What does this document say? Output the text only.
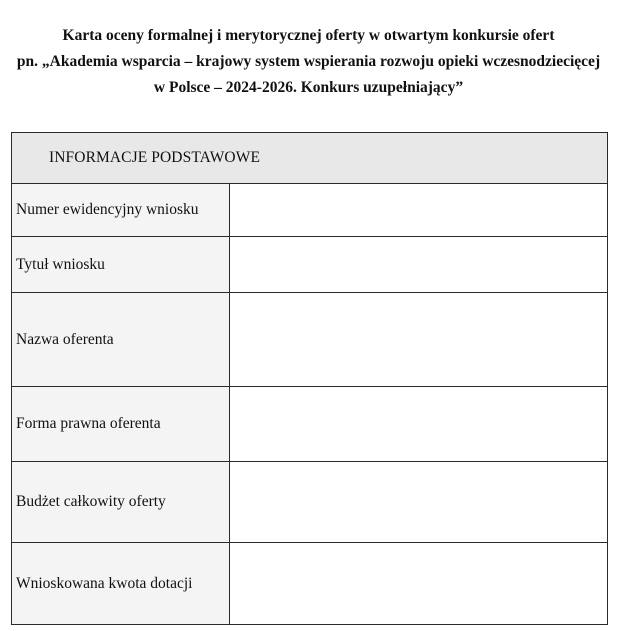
Karta oceny formalnej i merytorycznej oferty w otwartym konkursie ofert
pn. „Akademia wsparcia – krajowy system wspierania rozwoju opieki wczesnodziecięcej
w Polsce – 2024-2026. Konkurs uzupełniający”
INFORMACJE PODSTAWOWE	
Numer ewidencyjny wniosku	
Tytuł wniosku	
Nazwa oferenta	
Forma prawna oferenta	
Budżet całkowity oferty	
Wnioskowana kwota dotacji	
